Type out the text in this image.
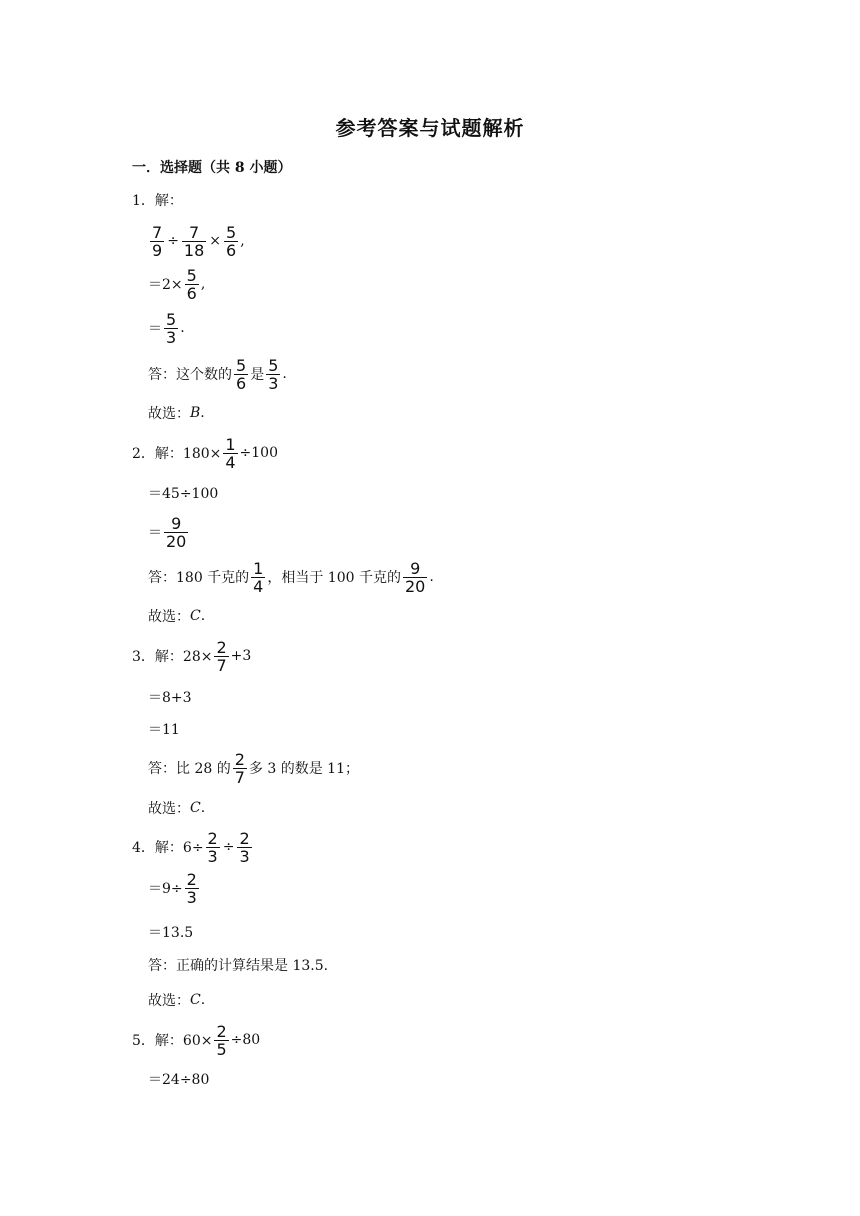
参考答案与试题解析
一．选择题（共 8 小题）
1．解：
$\frac{7}{9} \div \frac{7}{18} \times \frac{5}{6}$ ,
$=2\times \frac{5}{6}$ ,
＝ $\frac{5}{3}$ .
答：这个数的 $\frac{5}{6}$ 是 $\frac{5}{3}$ .
故选： B .
2．解：$180\times \frac{1}{4} \div 100$
＝45÷100
＝ $\frac{9}{20}$
答：180 千克的 $\frac{1}{4}$ ，相当于 100 千克的 $\frac{9}{20}$ .
故选： C .
3．解：$28\times \frac{2}{7} +3$
＝8+3
＝11
答：比 28 的 $\frac{2}{7}$ 多 3 的数是 11；
故选： C .
4．解：$6\div \frac{2}{3} \div \frac{2}{3}$
$=9\div \frac{2}{3}$
＝13.5
答：正确的计算结果是 13.5.
故选： C .
5．解：$60\times \frac{2}{5} \div 80$
＝24÷80
